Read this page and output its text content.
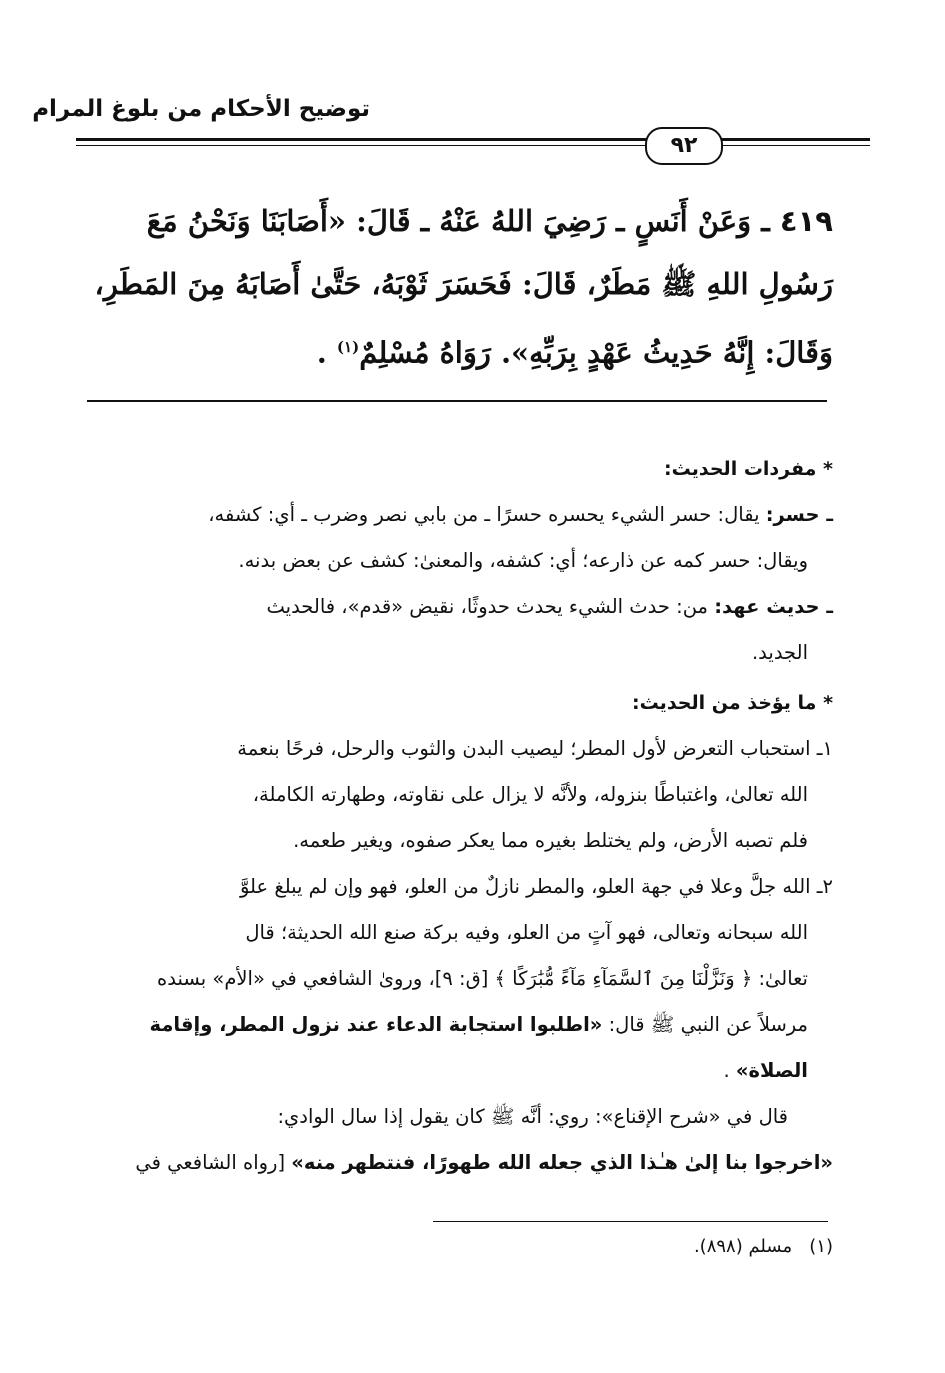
توضيح الأحكام من بلوغ المرام
٩٢
٤١٩ ـ وَعَنْ أَنَسٍ ـ رَضِيَ اللهُ عَنْهُ ـ قَالَ: «أَصَابَنَا وَنَحْنُ مَعَ
رَسُولِ اللهِ ﷺ مَطَرٌ، قَالَ: فَحَسَرَ ثَوْبَهُ، حَتَّىٰ أَصَابَهُ مِنَ المَطَرِ،
وَقَالَ: إِنَّهُ حَدِيثُ عَهْدٍ بِرَبِّهِ». رَوَاهُ مُسْلِمٌ$^{(١)}$ .
* مفردات الحديث:
ـ حسر: يقال: حسر الشيء يحسره حسرًا ـ من بابي نصر وضرب ـ أي: كشفه،
ويقال: حسر كمه عن ذارعه؛ أي: كشفه، والمعنىٰ: كشف عن بعض بدنه.
ـ حديث عهد: من: حدث الشيء يحدث حدوثًا، نقيض «قدم»، فالحديث
الجديد.
* ما يؤخذ من الحديث:
١ـ استحباب التعرض لأول المطر؛ ليصيب البدن والثوب والرحل، فرحًا بنعمة
الله تعالىٰ، واغتباطًا بنزوله، ولأنَّه لا يزال على نقاوته، وطهارته الكاملة،
فلم تصبه الأرض، ولم يختلط بغيره مما يعكر صفوه، ويغير طعمه.
٢ـ الله جلَّ وعلا في جهة العلو، والمطر نازلٌ من العلو، فهو وإن لم يبلغ علوَّ
الله سبحانه وتعالى، فهو آتٍ من العلو، وفيه بركة صنع الله الحديثة؛ قال
تعالىٰ: ﴿ وَنَزَّلْنَا مِنَ ٱلسَّمَآءِ مَآءً مُّبَٰرَكًا ﴾ [ق: ٩]، وروىٰ الشافعي في «الأم» بسنده
مرسلاً عن النبي ﷺ قال: «اطلبوا استجابة الدعاء عند نزول المطر، وإقامة
الصلاة» .
قال في «شرح الإقناع»: روي: أنَّه ﷺ كان يقول إذا سال الوادي:
«اخرجوا بنا إلىٰ هـٰذا الذي جعله الله طهورًا، فنتطهر منه» [رواه الشافعي في
(١)   مسلم (٨٩٨).
